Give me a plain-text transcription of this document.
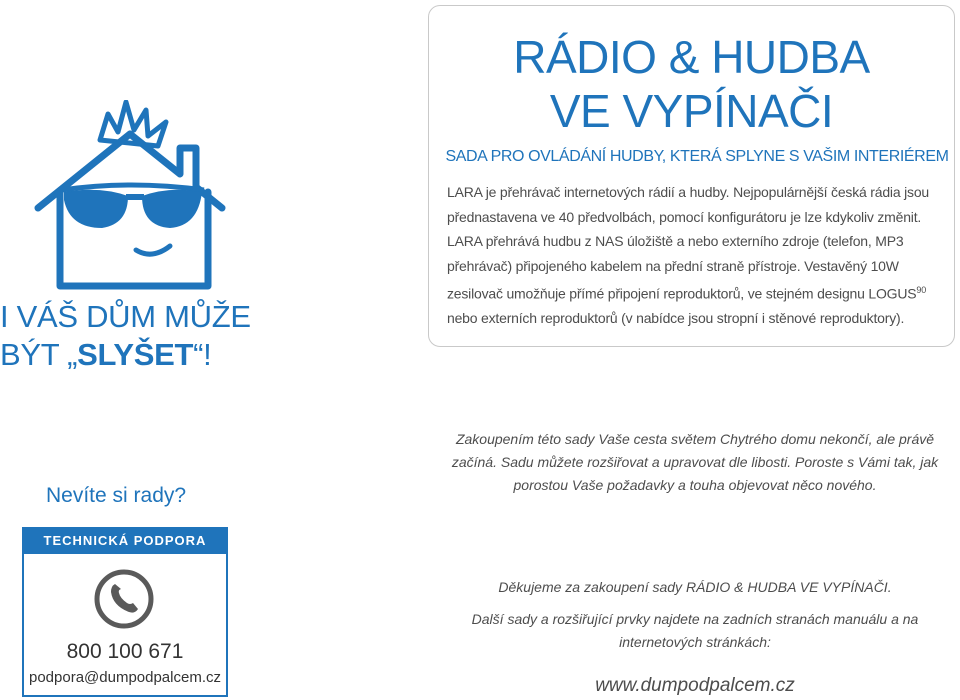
I VÁŠ DŮM MŮŽE
BÝT „SLYŠET“!
Nevíte si rady?
TECHNICKÁ PODPORA
800 100 671
podpora@dumpodpalcem.cz
RÁDIO & HUDBA
VE VYPÍNAČI
SADA PRO OVLÁDÁNÍ HUDBY, KTERÁ SPLYNE S VAŠIM INTERIÉREM
LARA je přehrávač internetových rádií a hudby. Nejpopulárnější česká rádia jsou přednastavena ve 40 předvolbách, pomocí konfigurátoru je lze kdykoliv změnit. LARA přehrává hudbu z NAS úložiště a nebo externího zdroje (telefon, MP3 přehrávač) připojeného kabelem na přední straně přístroje. Vestavěný 10W zesilovač umožňuje přímé připojení reproduktorů, ve stejném designu LOGUS$^{90}$ nebo externích reproduktorů (v nabídce jsou stropní i stěnové reproduktory).
Zakoupením této sady Vaše cesta světem Chytrého domu nekončí, ale právě začíná. Sadu můžete rozšiřovat a upravovat dle libosti. Poroste s Vámi tak, jak porostou Vaše požadavky a touha objevovat něco nového.
Děkujeme za zakoupení sady RÁDIO & HUDBA VE VYPÍNAČI.
Další sady a rozšiřující prvky najdete na zadních stranách manuálu a na internetových stránkách:
www.dumpodpalcem.cz
